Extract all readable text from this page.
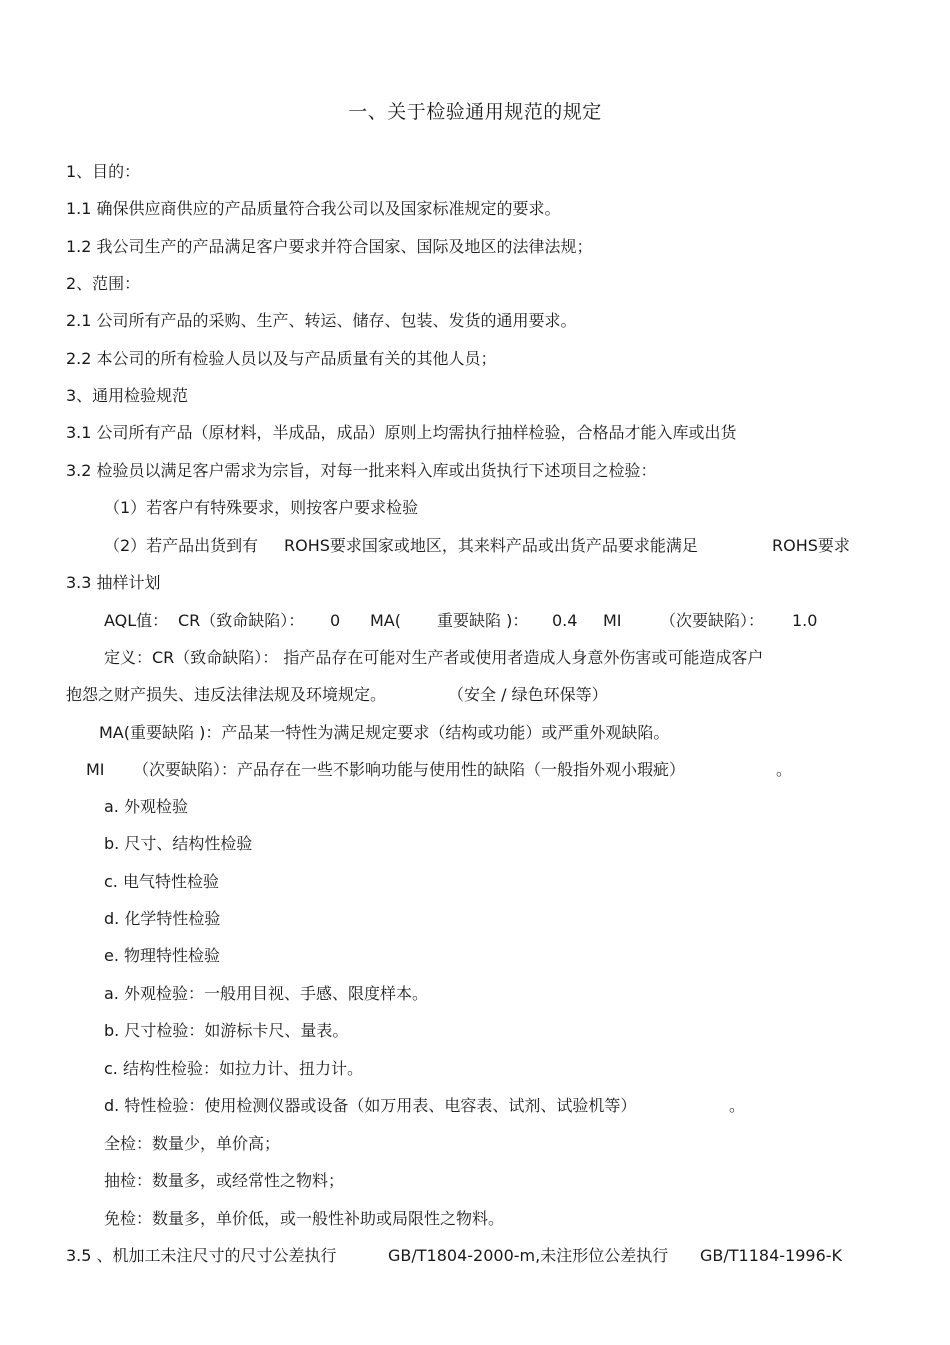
一、关于检验通用规范的规定
1、目的：
1.1 确保供应商供应的产品质量符合我公司以及国家标准规定的要求。
1.2 我公司生产的产品满足客户要求并符合国家、国际及地区的法律法规；
2、范围：
2.1 公司所有产品的采购、生产、转运、储存、包装、发货的通用要求。
2.2 本公司的所有检验人员以及与产品质量有关的其他人员；
3、通用检验规范
3.1 公司所有产品（原材料，半成品，成品）原则上均需执行抽样检验，合格品才能入库或出货
3.2 检验员以满足客户需求为宗旨，对每一批来料入库或出货执行下述项目之检验：
（1）若客户有特殊要求，则按客户要求检验
（2）若产品出货到有 ROHS要求国家或地区，其来料产品或出货产品要求能满足	ROHS要求
3.3 抽样计划
AQL值： CR（致命缺陷）： 0 MA( 重要缺陷 )： 0.4 MI （次要缺陷）： 1.0
定义：CR（致命缺陷）： 指产品存在可能对生产者或使用者造成人身意外伤害或可能造成客户
抱怨之财产损失、违反法律法规及环境规定。	（安全 / 绿色环保等）
MA(重要缺陷 )：产品某一特性为满足规定要求（结构或功能）或严重外观缺陷。
MI （次要缺陷）：产品存在一些不影响功能与使用性的缺陷（一般指外观小瑕疵）	。
a. 外观检验
b. 尺寸、结构性检验
c. 电气特性检验
d. 化学特性检验
e. 物理特性检验
a. 外观检验：一般用目视、手感、限度样本。
b. 尺寸检验：如游标卡尺、量表。
c. 结构性检验：如拉力计、扭力计。
d. 特性检验：使用检测仪器或设备（如万用表、电容表、试剂、试验机等）	。
全检：数量少，单价高；
抽检：数量多，或经常性之物料；
免检：数量多，单价低，或一般性补助或局限性之物料。
3.5 、机加工未注尺寸的尺寸公差执行	GB/T1804-2000-m,未注形位公差执行 GB/T1184-1996-K
